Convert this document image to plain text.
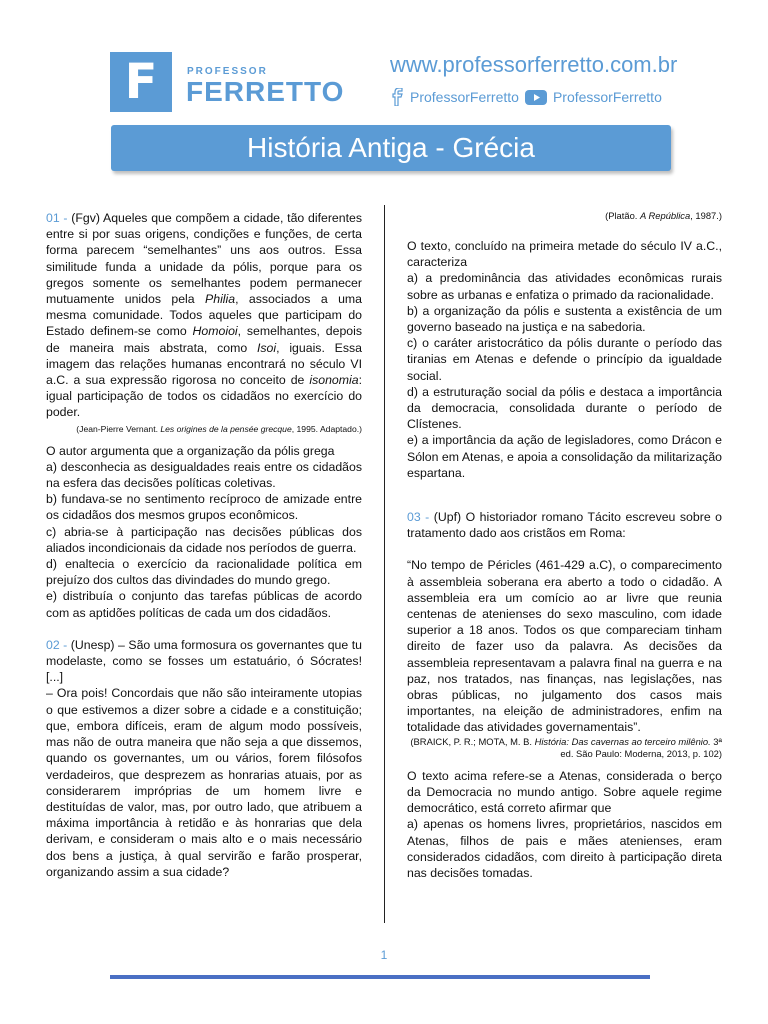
F	PROFESSOR
FERRETTO
www.professorferretto.com.br
ProfessorFerretto ProfessorFerretto
História Antiga - Grécia

01 - (Fgv) Aqueles que compõem a cidade, tão diferentes entre si por suas origens, condições e funções, de certa forma parecem “semelhantes” uns aos outros. Essa similitude funda a unidade da pólis, porque para os gregos somente os semelhantes podem permanecer mutuamente unidos pela Philia, associados a uma mesma comunidade. Todos aqueles que participam do Estado definem-se como Homoioi, semelhantes, depois de maneira mais abstrata, como Isoi, iguais. Essa imagem das relações humanas encontrará no século VI a.C. a sua expressão rigorosa no conceito de isonomia: igual participação de todos os cidadãos no exercício do poder.

(Jean-Pierre Vernant. Les origines de la pensée grecque, 1995. Adaptado.)

O autor argumenta que a organização da pólis grega

a) desconhecia as desigualdades reais entre os cidadãos na esfera das decisões políticas coletivas.

b) fundava-se no sentimento recíproco de amizade entre os cidadãos dos mesmos grupos econômicos.

c) abria-se à participação nas decisões públicas dos aliados incondicionais da cidade nos períodos de guerra.

d) enaltecia o exercício da racionalidade política em prejuízo dos cultos das divindades do mundo grego.

e) distribuía o conjunto das tarefas públicas de acordo com as aptidões políticas de cada um dos cidadãos.

02 - (Unesp) – São uma formosura os governantes que tu modelaste, como se fosses um estatuário, ó Sócrates! [...]

– Ora pois! Concordais que não são inteiramente utopias o que estivemos a dizer sobre a cidade e a constituição; que, embora difíceis, eram de algum modo possíveis, mas não de outra maneira que não seja a que dissemos, quando os governantes, um ou vários, forem filósofos verdadeiros, que desprezem as honrarias atuais, por as considerarem impróprias de um homem livre e destituídas de valor, mas, por outro lado, que atribuem a máxima importância à retidão e às honrarias que dela derivam, e consideram o mais alto e o mais necessário dos bens a justiça, à qual servirão e farão prosperar, organizando assim a sua cidade?

(Platão. A República, 1987.)

O texto, concluído na primeira metade do século IV a.C., caracteriza

a) a predominância das atividades econômicas rurais sobre as urbanas e enfatiza o primado da racionalidade.

b) a organização da pólis e sustenta a existência de um governo baseado na justiça e na sabedoria.

c) o caráter aristocrático da pólis durante o período das tiranias em Atenas e defende o princípio da igualdade social.

d) a estruturação social da pólis e destaca a importância da democracia, consolidada durante o período de Clístenes.

e) a importância da ação de legisladores, como Drácon e Sólon em Atenas, e apoia a consolidação da militarização espartana.

03 - (Upf) O historiador romano Tácito escreveu sobre o tratamento dado aos cristãos em Roma:

“No tempo de Péricles (461-429 a.C), o comparecimento à assembleia soberana era aberto a todo o cidadão. A assembleia era um comício ao ar livre que reunia centenas de atenienses do sexo masculino, com idade superior a 18 anos. Todos os que compareciam tinham direito de fazer uso da palavra. As decisões da assembleia representavam a palavra final na guerra e na paz, nos tratados, nas finanças, nas legislações, nas obras públicas, no julgamento dos casos mais importantes, na eleição de administradores, enfim na totalidade das atividades governamentais”.

(BRAICK, P. R.; MOTA, M. B. História: Das cavernas ao terceiro milênio. 3ª ed. São Paulo: Moderna, 2013, p. 102)

O texto acima refere-se a Atenas, considerada o berço da Democracia no mundo antigo. Sobre aquele regime democrático, está correto afirmar que

a) apenas os homens livres, proprietários, nascidos em Atenas, filhos de pais e mães atenienses, eram considerados cidadãos, com direito à participação direta nas decisões tomadas.

1
